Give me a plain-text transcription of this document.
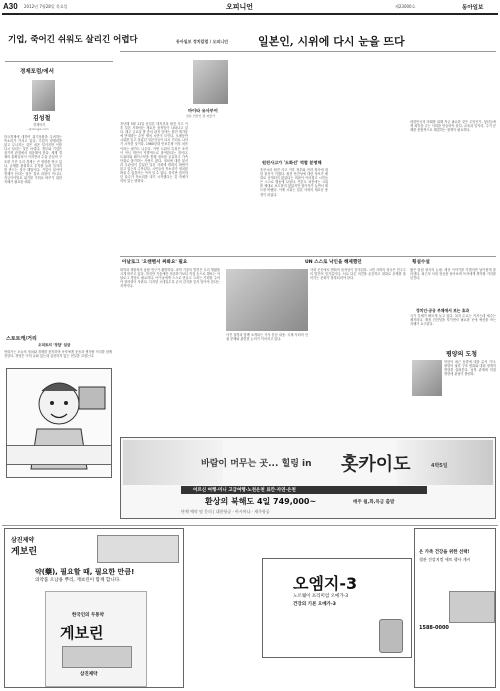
A30 2012년 7월28일 목요일	오피니언	제23000호	동아일보
기업, 죽어긴 쉬워도 살리긴 어렵다
경제포럼/에서
김성철
경제학자
...@donga.com
한국경제에 대하여 위기상황을 우려하는 목소리가 커지고 있다. 기업이 경쟁력을 잃고 무너지는 것은 쉬운 일이지만 이를 다시 살리는 것은 어렵다. 정부와 기업은 장기적 관점에서 대응해야 한다. 세계 경제의 불확실성이 커지면서 수출 중심의 구조를 가진 우리 경제는 큰 영향을 받고 있다. 규제를 완화하고 투자를 늘려 일자리를 만드는 것이 해법이다. 기업이 살아야 경제가 산다는 말은 결코 과장이 아니다. 지금이야말로 위기를 기회로 바꾸기 위한 지혜가 필요한 때다.
스토트캐/거리
오피트의 '정답' 임금
만화가는 오늘의 정치와 경제를 풍자하며 독자에게 웃음과 생각할 거리를 함께 전한다. 정답은 이미 나와 있는데 실천하지 않는 현실을 꼬집는다.
동아일보 정치칼럼 / 오피니언	일본인, 시위에 다시 눈을 뜨다
마이타 유사부어
일본 언론인 겸 저술가
지난해 3월 11일 동일본 대지진과 원전 사고 이후 일본 사회에는 새로운 움직임이 나타나고 있다. 매주 금요일 밤 총리 관저 앞에는 원전 재가동에 반대하는 수만 명의 시민이 모인다. 오랫동안 시위를 잊고 살았던 일본인들이 다시 거리로 나서기 시작한 것이다. 1960년대 안보투쟁 이후 처음이라는 평가도 나온다. 이번 시위의 특징은 조직이 아닌 개인이 자발적으로 참여한다는 점이다. 트위터와 페이스북을 통해 정보를 공유하고 가족 단위로 참가하는 사람도 많다. 정치에 대한 불신과 무관심이 깊었던 일본 사회에 변화의 바람이 불고 있는지 주목된다. 시민들의 목소리가 정치를 바꿀 수 있을지는 아직 알 수 없다. 하지만 침묵하던 다수가 목소리를 내기 시작했다는 것 자체가 의미 있는 변화다.
원전사고가 '도화선' 역할 분명해
후쿠시마 원전 사고 이후 정부와 전력 회사에 대한 불신이 커졌다. 원전 안전성에 대한 정보가 제대로 공개되지 않았다는 비판이 이어졌고 시민들은 스스로 행동에 나섰다. 언론도 처음에는 시위를 제대로 보도하지 않았지만 참가자가 늘면서 태도를 바꿨다. 이제 시위는 일본 사회의 새로운 풍경이 되었다.
아날로그 '오랜핸서 짜봐요' 필요
화학과 생물학의 융합 연구가 활발하다. 과학 기술의 발전은 우리 생활을 크게 바꾸고 있다. 하지만 기술에만 의존하기보다 직접 손으로 해보는 아날로그 경험도 필요하다. 아이들에게 스스로 만들고 고치는 기회를 주어야 창의력이 자란다. 디지털 시대일수록 손의 감각을 잊지 말아야 한다는 지적이다.
UN 스스로 낙인을 해제했던
사진 설명과 함께 소개되는 기사 본문 내용. 국제 사회의 인권 문제와 관련한 논의가 이어지고 있다.
사회 곳곳에서 변화의 움직임이 감지된다. 시민 사회의 성숙은 민주주의 발전의 밑거름이다. 서로 다른 의견을 존중하고 대화로 문제를 풀어가는 문화가 정착되어야 한다.
횡설수설
짧은 칼럼 형식의 논평. 세상 이야기를 가볍지만 날카롭게 풀어낸다. 최근의 사회 현상을 돌아보며 독자에게 생각할 거리를 던진다.
대한민국의 미래를 위해 지금 필요한 것은 무엇인가. 청년들에게 희망을 주는 사회를 만들어야 한다. 교육과 일자리, 주거 문제를 종합적으로 해결하는 정책이 필요하다.
정치인·공공 부채에서 보는 효과
국가 부채가 빠르게 늘고 있다. 복지 수요는 커지는데 세수는 제자리다. 재정 건전성을 지키면서 필요한 곳에 예산을 쓰는 지혜가 요구된다.
평양의 도청
북한의 최근 동향에 대한 분석 기사. 평양의 권력 구조 변화와 대외 정책의 방향을 살펴본다. 남북 관계에 미칠 영향에 관심이 쏠린다.
바람이 머무는 곳... 힐링 in 홋카이도	4박5일
어르신 여행·미니 고급여행·노천온천 료칸·자연·온천
환상의 북해도 4일 749,000~	매주 월,화,목금 출발
단체 예약 및 문의 | 대한항공 · 아시아나 · 제주항공
삼진제약
게보린
약(藥), 필요할 때, 필요한 만큼!
의약품 오남용 뿌리, 게보린이 함께 합니다.
한국인의 두통약
게보린
삼진제약
오엠지-3
노르웨이 프리미엄 오메가-3
건강의 기본 오메가-3
온 가족 건강을 위한 선택!
혈관 건강지킴 세트 행사 개시
1588-0000
